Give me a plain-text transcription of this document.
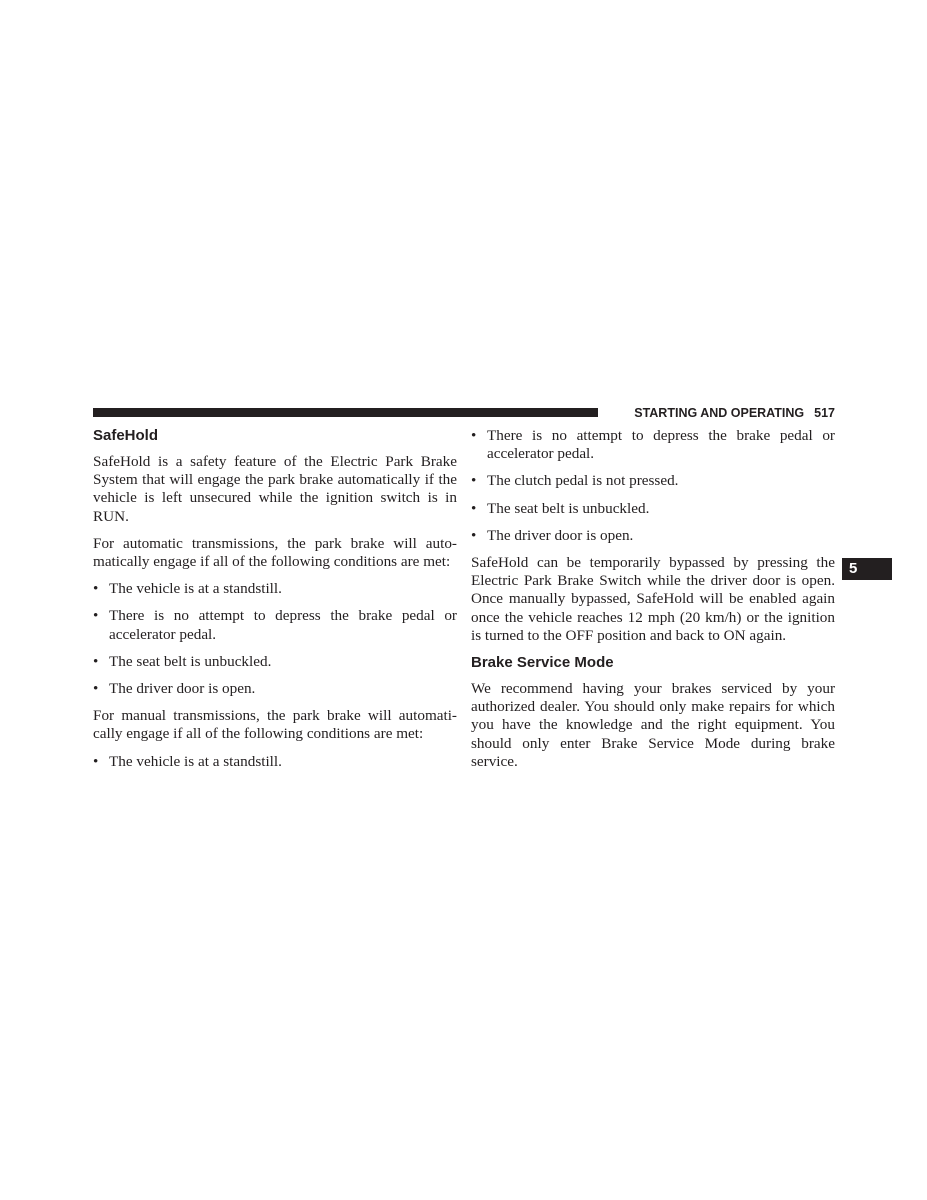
STARTING AND OPERATING 517
5
SafeHold

SafeHold is a safety feature of the Electric Park Brake System that will engage the park brake automatically if the vehicle is left unsecured while the ignition switch is in RUN.

For automatic transmissions, the park brake will auto-matically engage if all of the following conditions are met:

• The vehicle is at a standstill.
• There is no attempt to depress the brake pedal or accelerator pedal.
• The seat belt is unbuckled.
• The driver door is open.

For manual transmissions, the park brake will automati-cally engage if all of the following conditions are met:

• The vehicle is at a standstill.
• There is no attempt to depress the brake pedal or accelerator pedal.
• The clutch pedal is not pressed.
• The seat belt is unbuckled.
• The driver door is open.

SafeHold can be temporarily bypassed by pressing the Electric Park Brake Switch while the driver door is open. Once manually bypassed, SafeHold will be enabled again once the vehicle reaches 12 mph (20 km/h) or the ignition is turned to the OFF position and back to ON again.

Brake Service Mode

We recommend having your brakes serviced by your authorized dealer. You should only make repairs for which you have the knowledge and the right equipment. You should only enter Brake Service Mode during brake service.
